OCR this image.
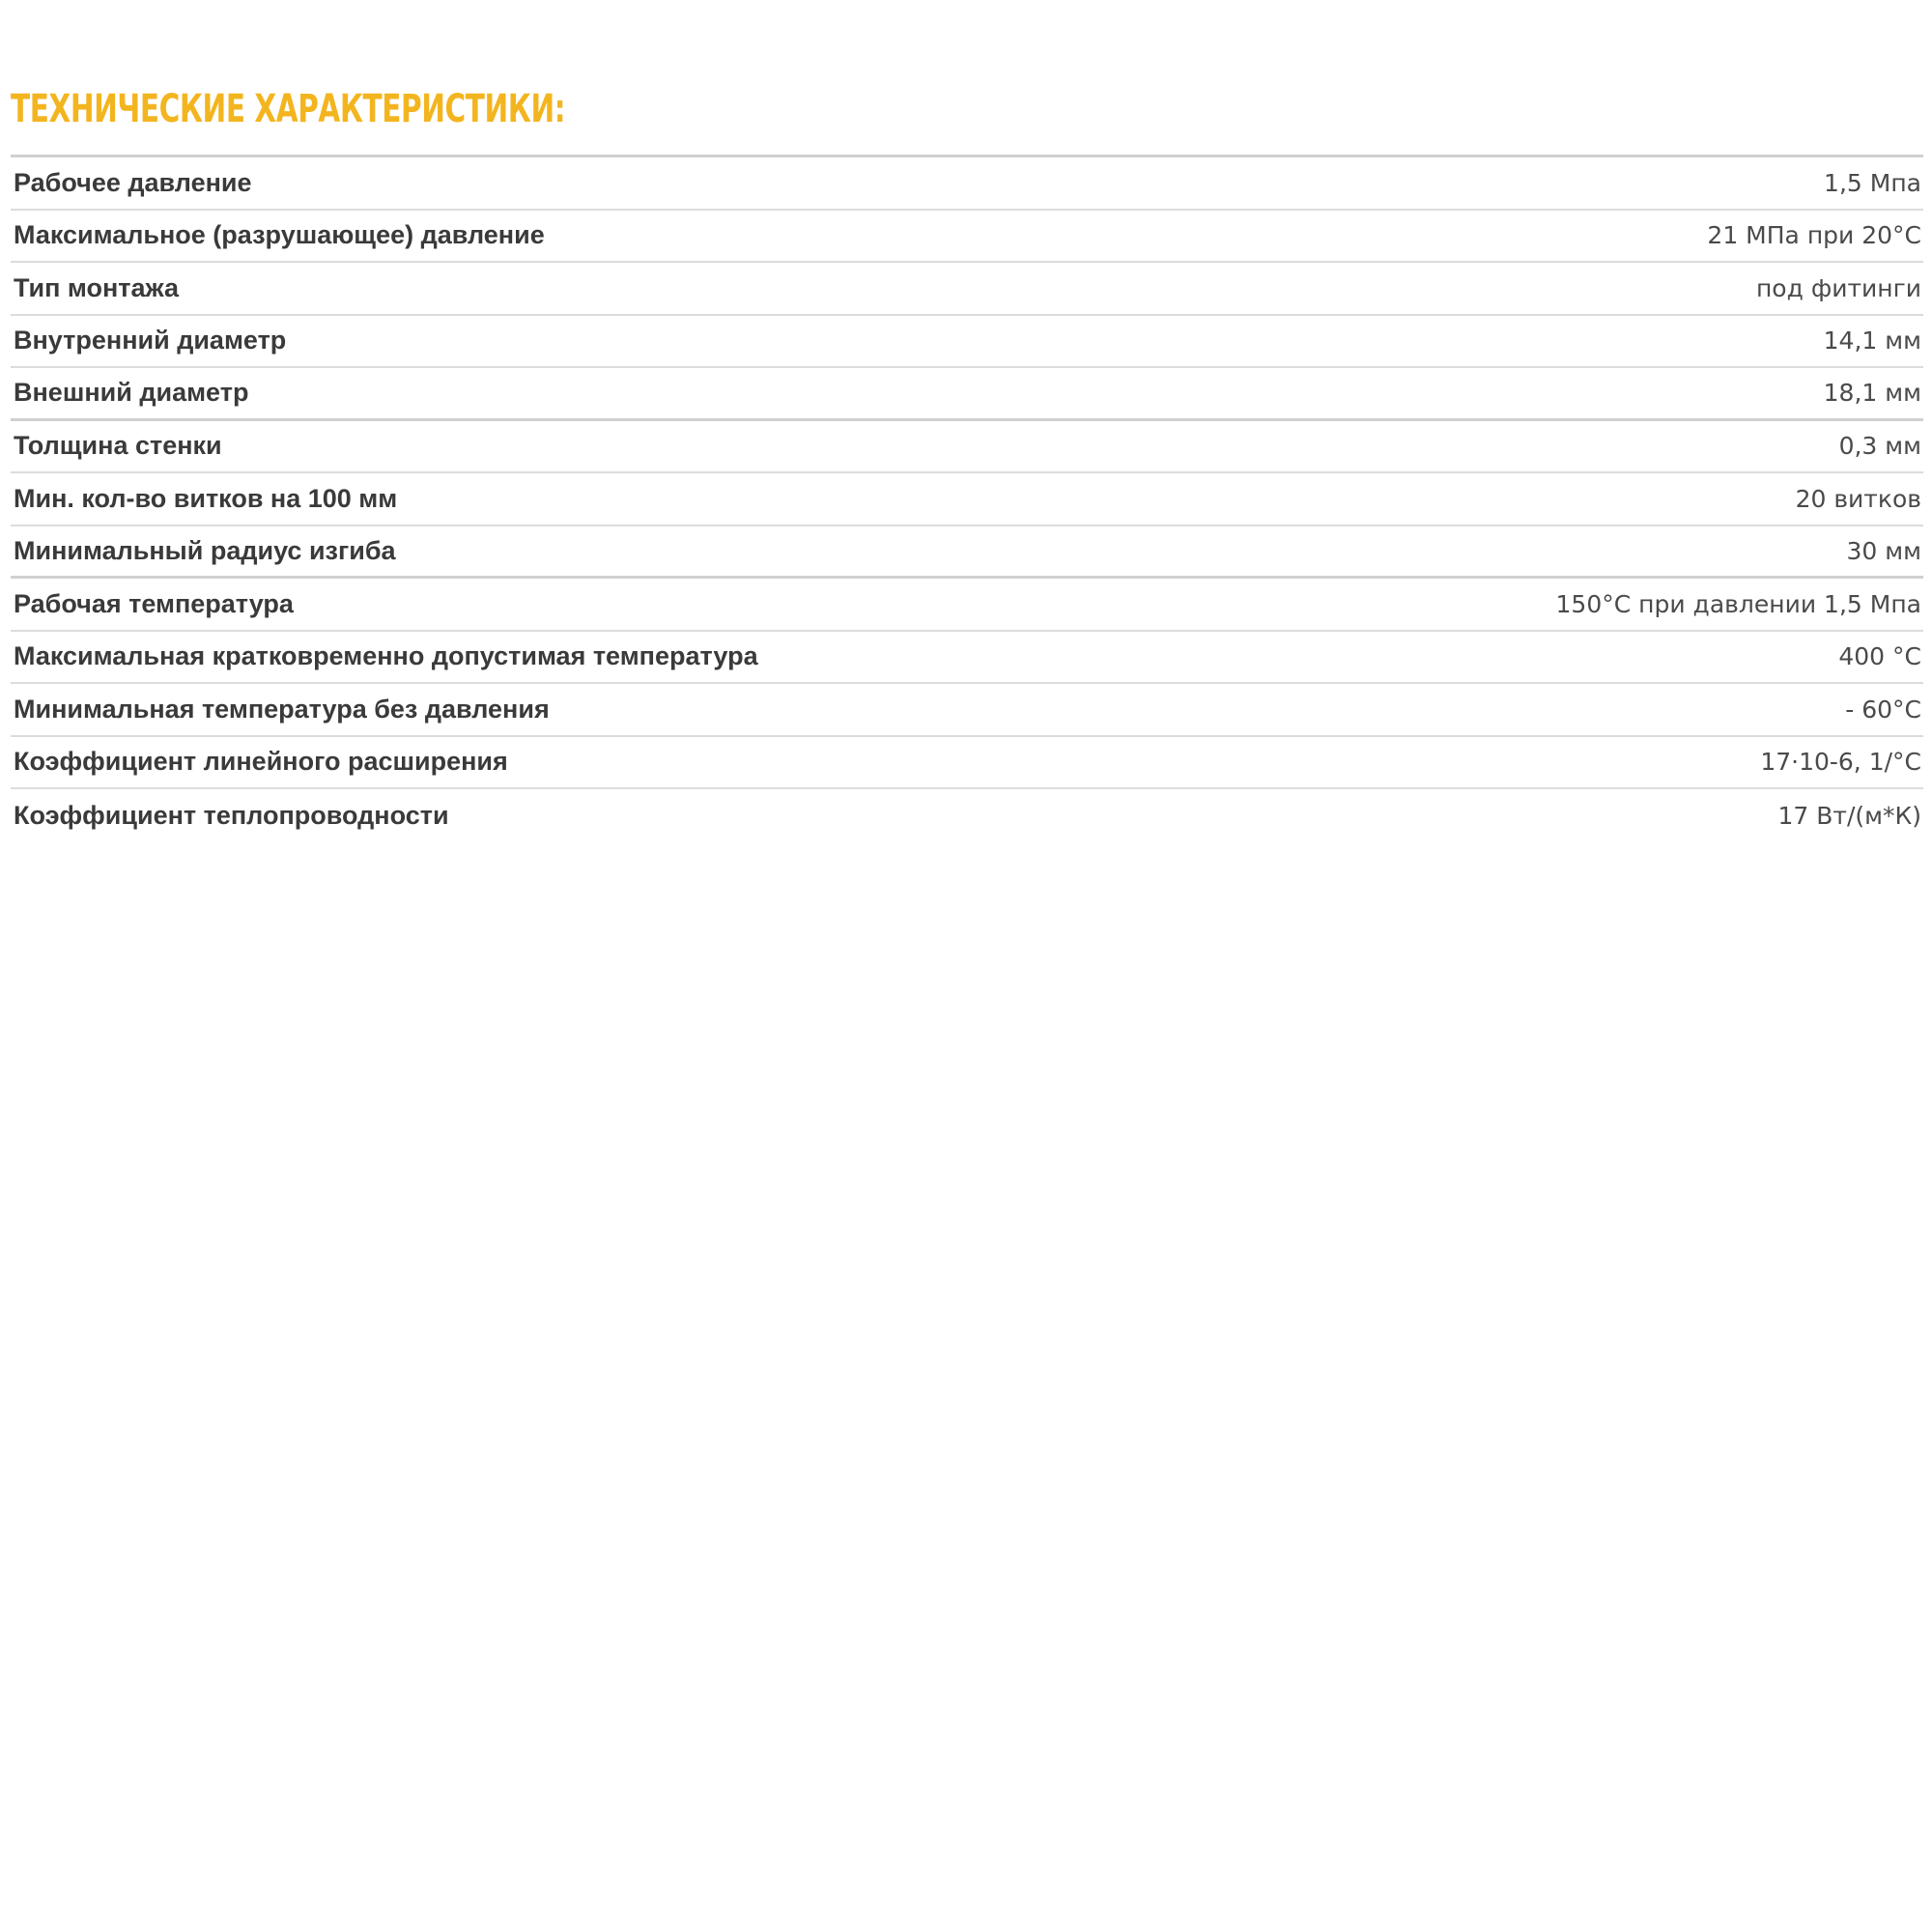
ТЕХНИЧЕСКИЕ ХАРАКТЕРИСТИКИ:
Рабочее давление	1,5 Мпа
Максимальное (разрушающее) давление	21 МПа при 20°С
Тип монтажа	под фитинги
Внутренний диаметр	14,1 мм
Внешний диаметр	18,1 мм
Толщина стенки	0,3 мм
Мин. кол-во витков на 100 мм	20 витков
Минимальный радиус изгиба	30 мм
Рабочая температура	150°С при давлении 1,5 Мпа
Максимальная кратковременно допустимая температура	400 °С
Минимальная температура без давления	- 60°С
Коэффициент линейного расширения	17·10-6, 1/°С
Коэффициент теплопроводности	17 Вт/(м*К)
